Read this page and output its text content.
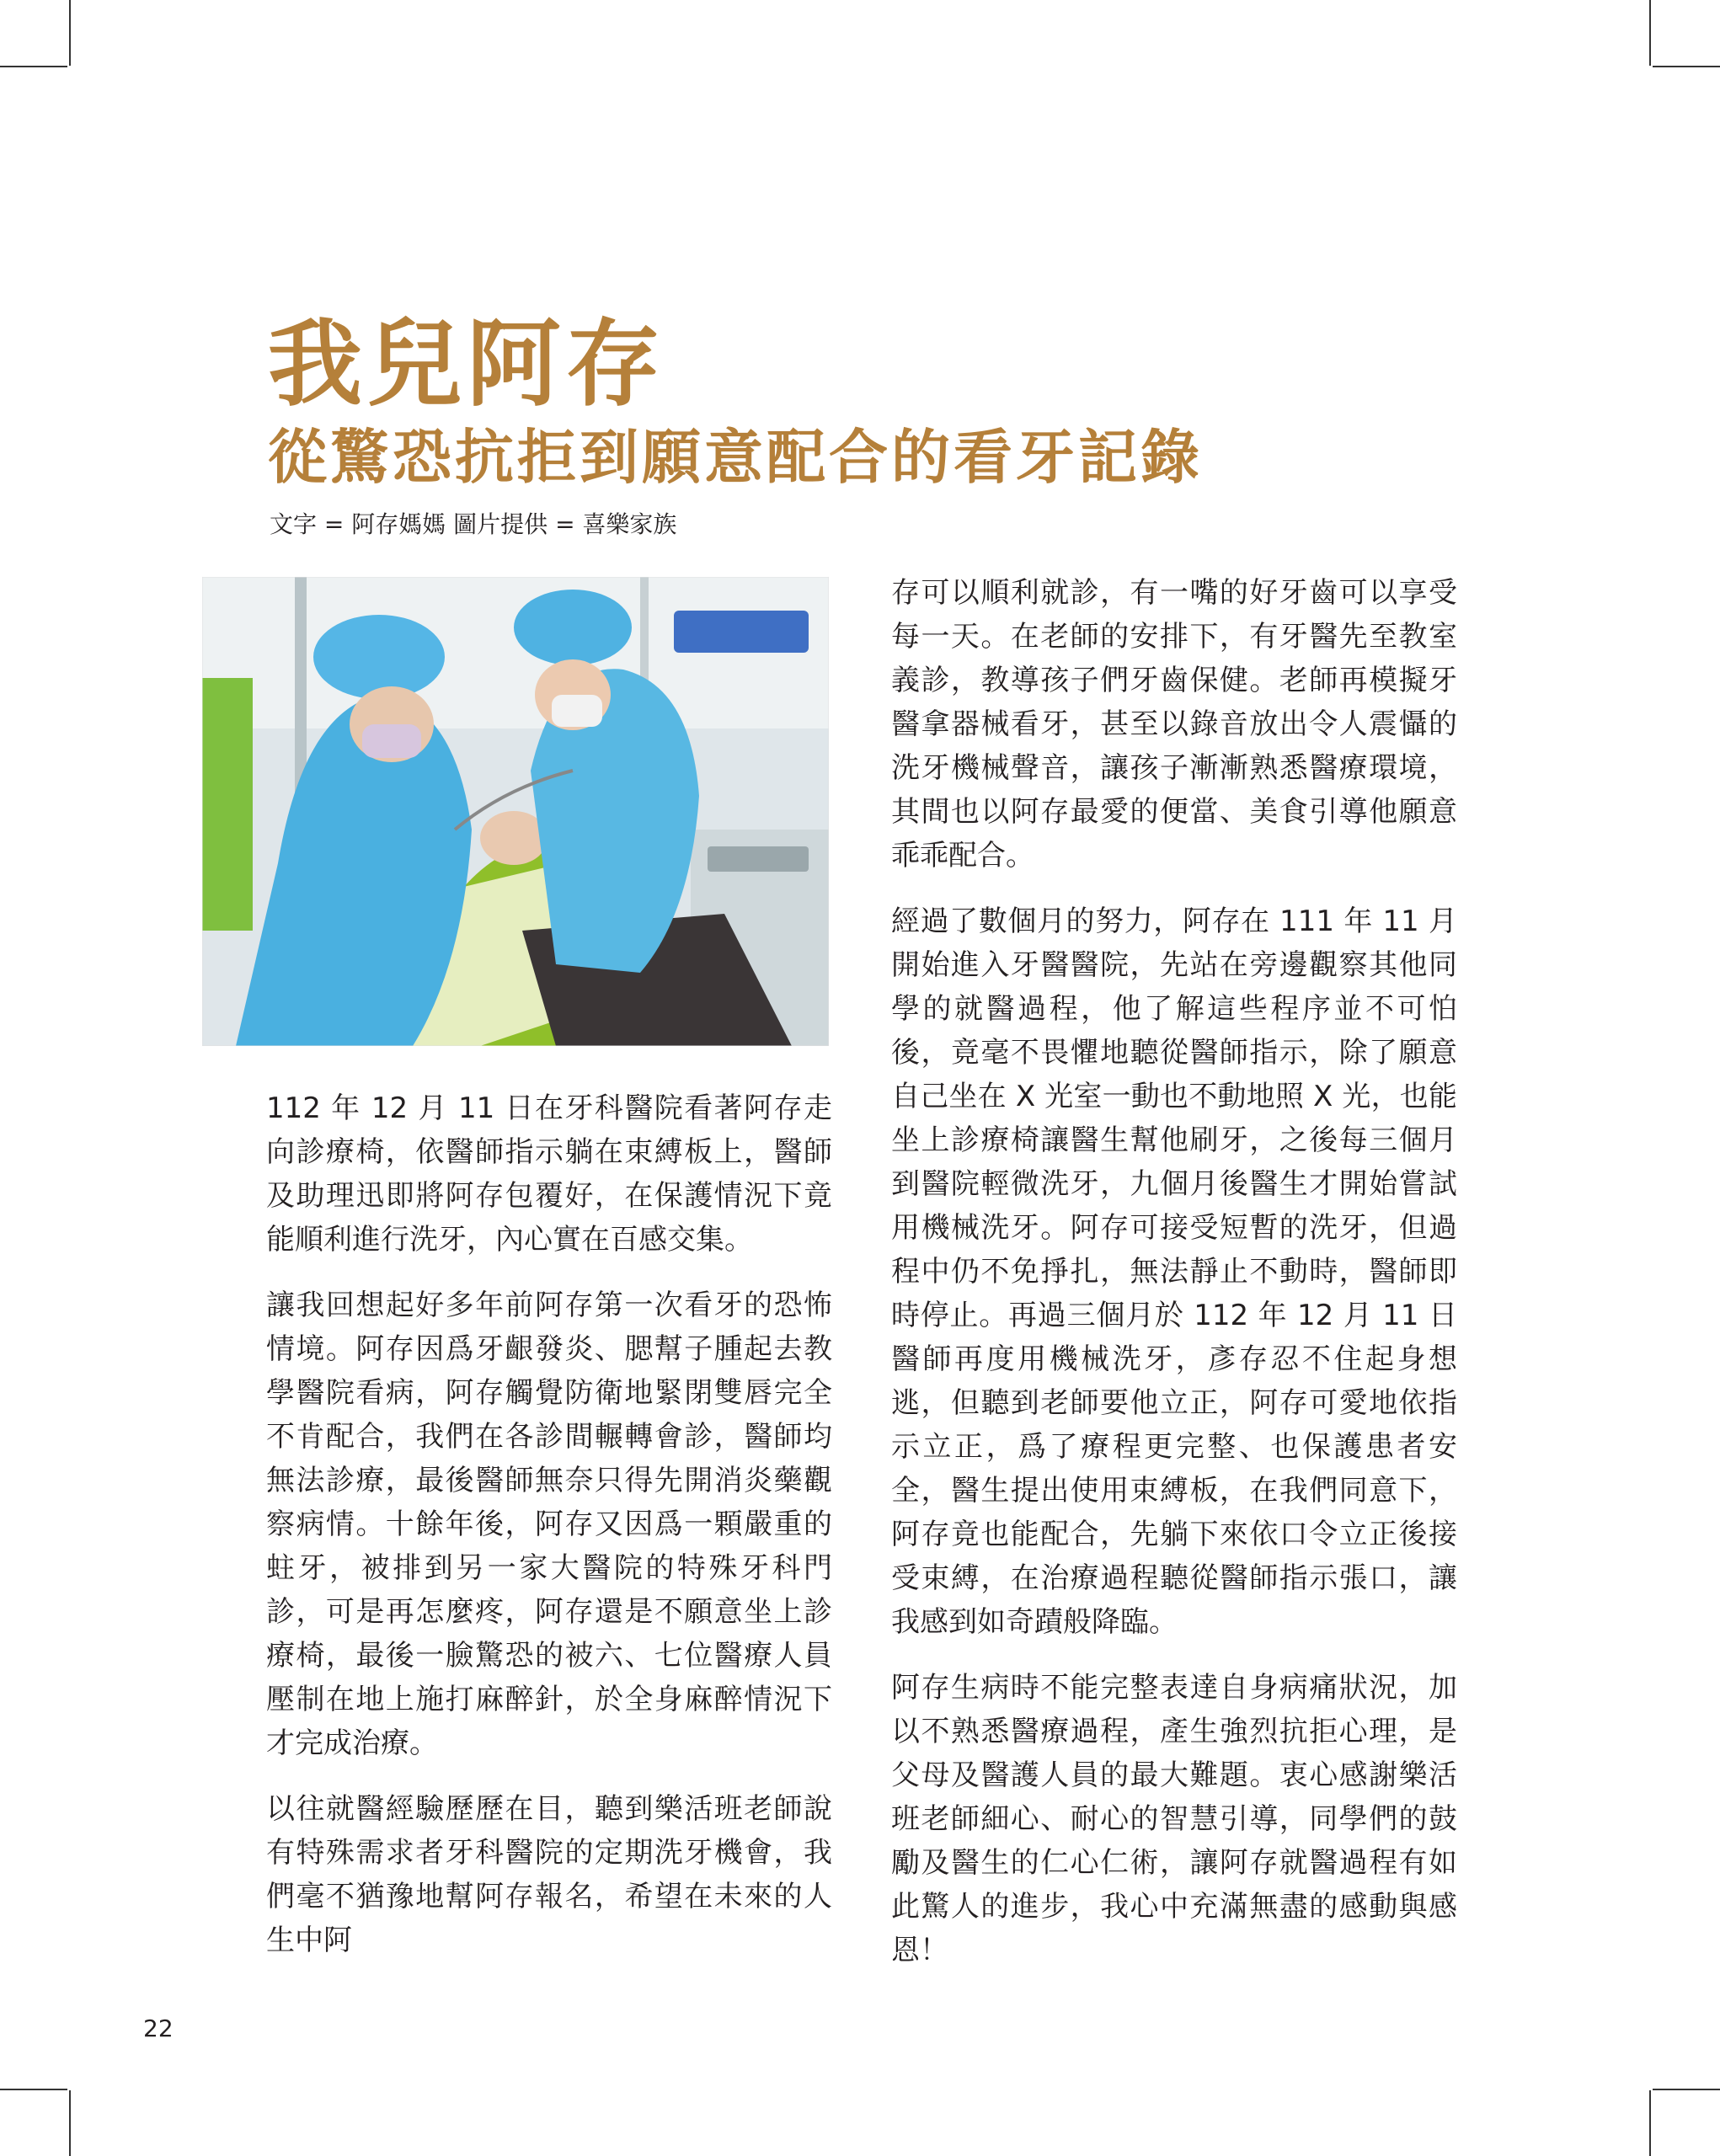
我兒阿存
從驚恐抗拒到願意配合的看牙記錄
文字 = 阿存媽媽 圖片提供 = 喜樂家族

112 年 12 月 11 日在牙科醫院看著阿存走向診療椅，依醫師指示躺在束縛板上，醫師及助理迅即將阿存包覆好，在保護情況下竟能順利進行洗牙，內心實在百感交集。

讓我回想起好多年前阿存第一次看牙的恐怖情境。阿存因爲牙齦發炎、腮幫子腫起去教學醫院看病，阿存觸覺防衛地緊閉雙唇完全不肯配合，我們在各診間輾轉會診，醫師均無法診療，最後醫師無奈只得先開消炎藥觀察病情。十餘年後，阿存又因爲一顆嚴重的蛀牙，被排到另一家大醫院的特殊牙科門診，可是再怎麼疼，阿存還是不願意坐上診療椅，最後一臉驚恐的被六、七位醫療人員壓制在地上施打麻醉針，於全身麻醉情況下才完成治療。

以往就醫經驗歷歷在目，聽到樂活班老師說有特殊需求者牙科醫院的定期洗牙機會，我們毫不猶豫地幫阿存報名，希望在未來的人生中阿

存可以順利就診，有一嘴的好牙齒可以享受每一天。在老師的安排下，有牙醫先至教室義診，教導孩子們牙齒保健。老師再模擬牙醫拿器械看牙，甚至以錄音放出令人震懾的洗牙機械聲音，讓孩子漸漸熟悉醫療環境，其間也以阿存最愛的便當、美食引導他願意乖乖配合。

經過了數個月的努力，阿存在 111 年 11 月開始進入牙醫醫院，先站在旁邊觀察其他同學的就醫過程，他了解這些程序並不可怕後，竟毫不畏懼地聽從醫師指示，除了願意自己坐在 X 光室一動也不動地照 X 光，也能坐上診療椅讓醫生幫他刷牙，之後每三個月到醫院輕微洗牙，九個月後醫生才開始嘗試用機械洗牙。阿存可接受短暫的洗牙，但過程中仍不免掙扎，無法靜止不動時，醫師即時停止。再過三個月於 112 年 12 月 11 日醫師再度用機械洗牙，彥存忍不住起身想逃，但聽到老師要他立正，阿存可愛地依指示立正，爲了療程更完整、也保護患者安全，醫生提出使用束縛板，在我們同意下，阿存竟也能配合，先躺下來依口令立正後接受束縛，在治療過程聽從醫師指示張口，讓我感到如奇蹟般降臨。

阿存生病時不能完整表達自身病痛狀況，加以不熟悉醫療過程，產生強烈抗拒心理，是父母及醫護人員的最大難題。衷心感謝樂活班老師細心、耐心的智慧引導，同學們的鼓勵及醫生的仁心仁術，讓阿存就醫過程有如此驚人的進步，我心中充滿無盡的感動與感恩！

22
